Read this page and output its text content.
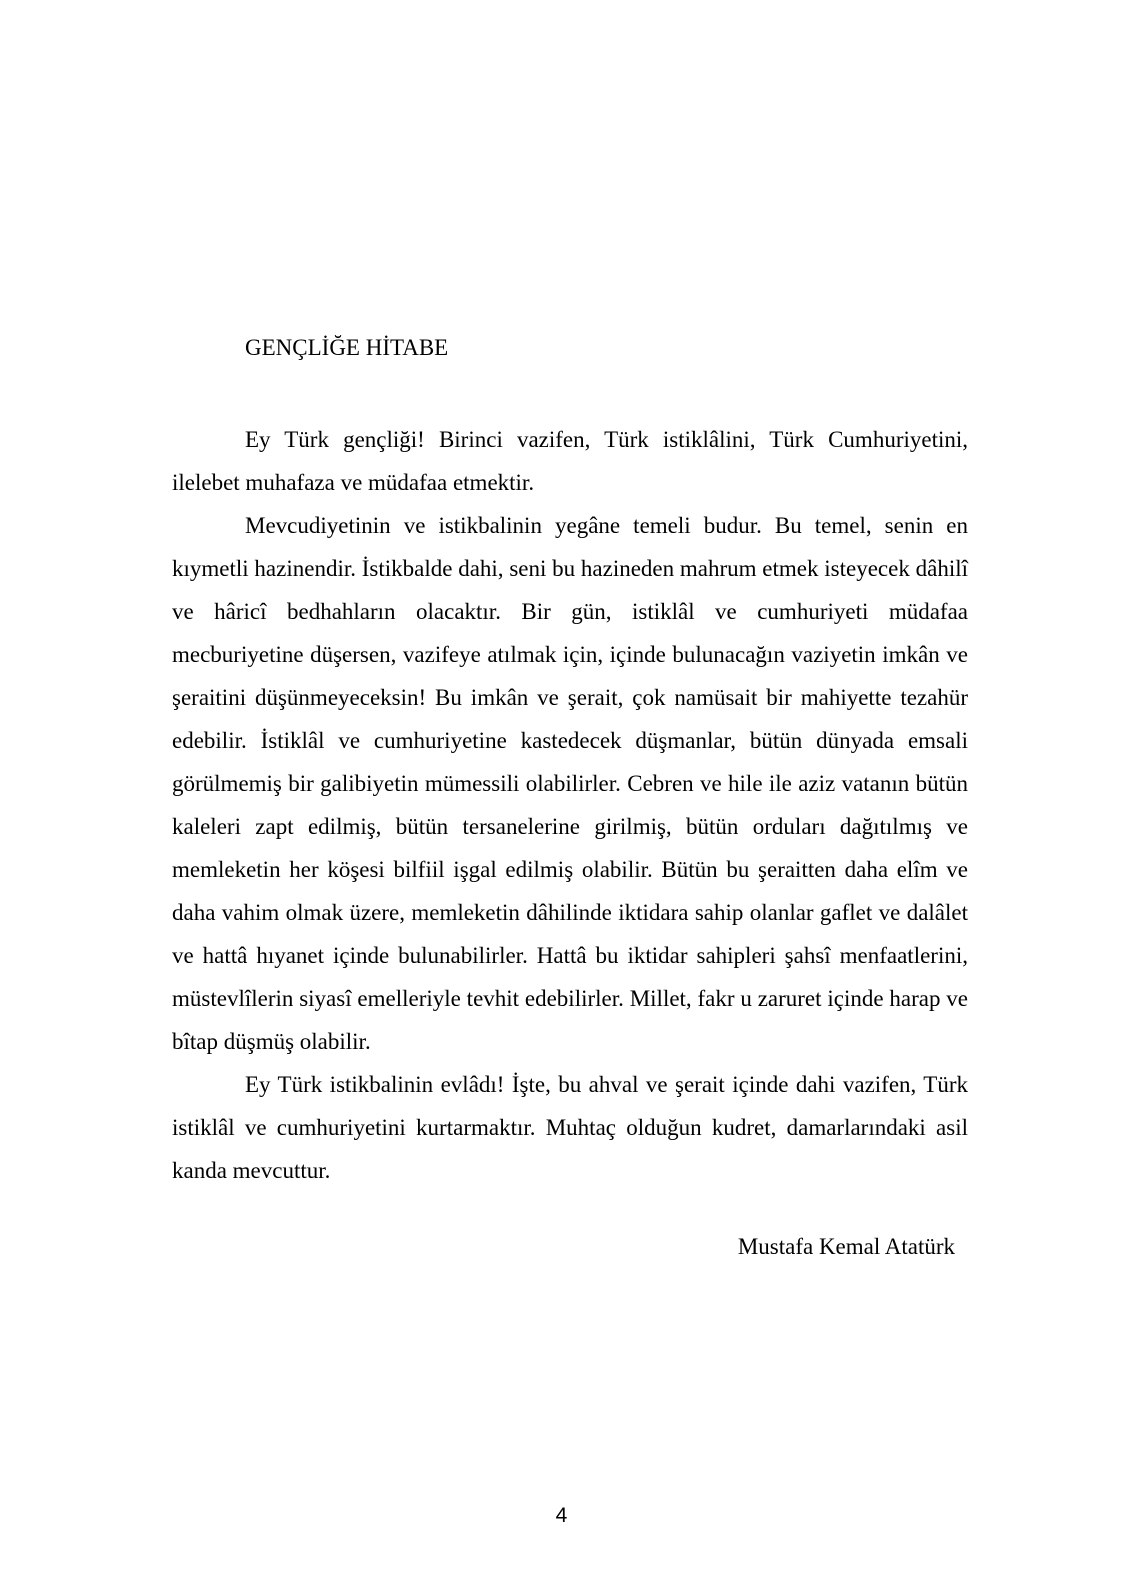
GENÇLİĞE HİTABE

Ey Türk gençliği! Birinci vazifen, Türk istiklâlini, Türk Cumhuriyetini, ilelebet muhafaza ve müdafaa etmektir.

Mevcudiyetinin ve istikbalinin yegâne temeli budur. Bu temel, senin en kıymetli hazinendir. İstikbalde dahi, seni bu hazineden mahrum etmek isteyecek dâhilî ve hâricî bedhahların olacaktır. Bir gün, istiklâl ve cumhuriyeti müdafaa mecburiyetine düşersen, vazifeye atılmak için, içinde bulunacağın vaziyetin imkân ve şeraitini düşünmeyeceksin! Bu imkân ve şerait, çok namüsait bir mahiyette tezahür edebilir. İstiklâl ve cumhuriyetine kastedecek düşmanlar, bütün dünyada emsali görülmemiş bir galibiyetin mümessili olabilirler. Cebren ve hile ile aziz vatanın bütün kaleleri zapt edilmiş, bütün tersanelerine girilmiş, bütün orduları dağıtılmış ve memleketin her köşesi bilfiil işgal edilmiş olabilir. Bütün bu şeraitten daha elîm ve daha vahim olmak üzere, memleketin dâhilinde iktidara sahip olanlar gaflet ve dalâlet ve hattâ hıyanet içinde bulunabilirler. Hattâ bu iktidar sahipleri şahsî menfaatlerini, müstevlîlerin siyasî emelleriyle tevhit edebilirler. Millet, fakr u zaruret içinde harap ve bîtap düşmüş olabilir.

Ey Türk istikbalinin evlâdı! İşte, bu ahval ve şerait içinde dahi vazifen, Türk istiklâl ve cumhuriyetini kurtarmaktır. Muhtaç olduğun kudret, damarlarındaki asil kanda mevcuttur.

Mustafa Kemal Atatürk
4
